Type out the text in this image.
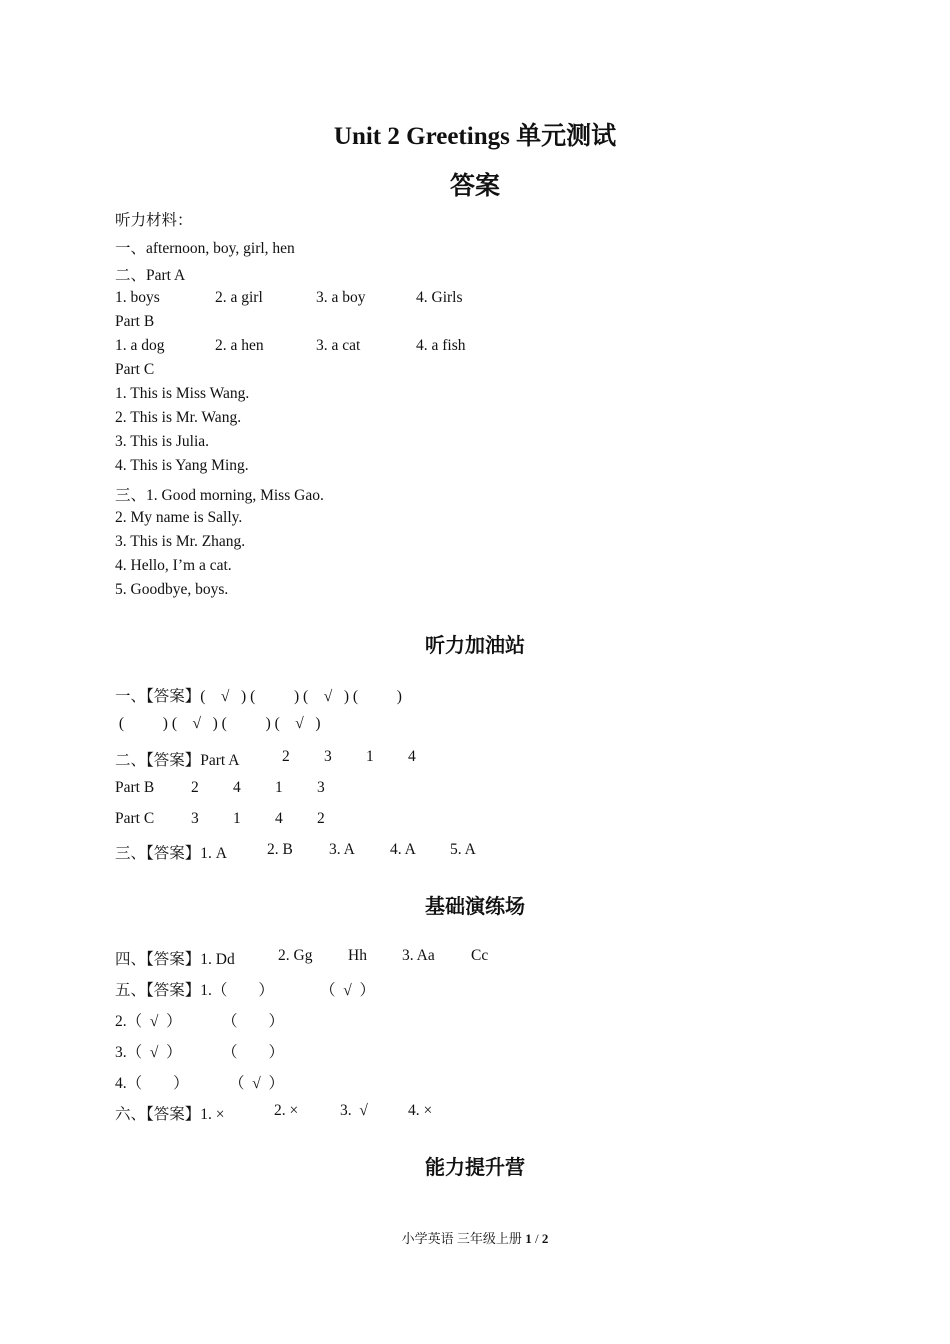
Unit 2 Greetings 单元测试
答案
听力材料：
一、afternoon, boy, girl, hen
二、Part A
1. boys	2. a girl	3. a boy	4. Girls
Part B
1. a dog	2. a hen	3. a cat	4. a fish
Part C
1. This is Miss Wang.
2. This is Mr. Wang.
3. This is Julia.
4. This is Yang Ming.
三、1. Good morning, Miss Gao.
2. My name is Sally.
3. This is Mr. Zhang.
4. Hello, I’m a cat.
5. Goodbye, boys.
听力加油站
一、【答案】(    √   ) (          ) (    √   ) (          )
(          ) (    √   ) (          ) (    √   )
二、【答案】Part A	2 3 1 4
Part B 2 4 1 3
Part C 3 1 4 2
三、【答案】1. A	2. B 3. A 4. A 5. A
基础演练场
四、【答案】1. Dd	2. Gg Hh 3. Aa Cc
五、【答案】1.（        ）	（  √  ）
2.（  √  ）	（        ）
3.（  √  ）	（        ）
4.（        ）	（  √  ）
六、【答案】1. ×	2. ×	3.  √	4. ×
能力提升营
小学英语 三年级上册 1 / 2
